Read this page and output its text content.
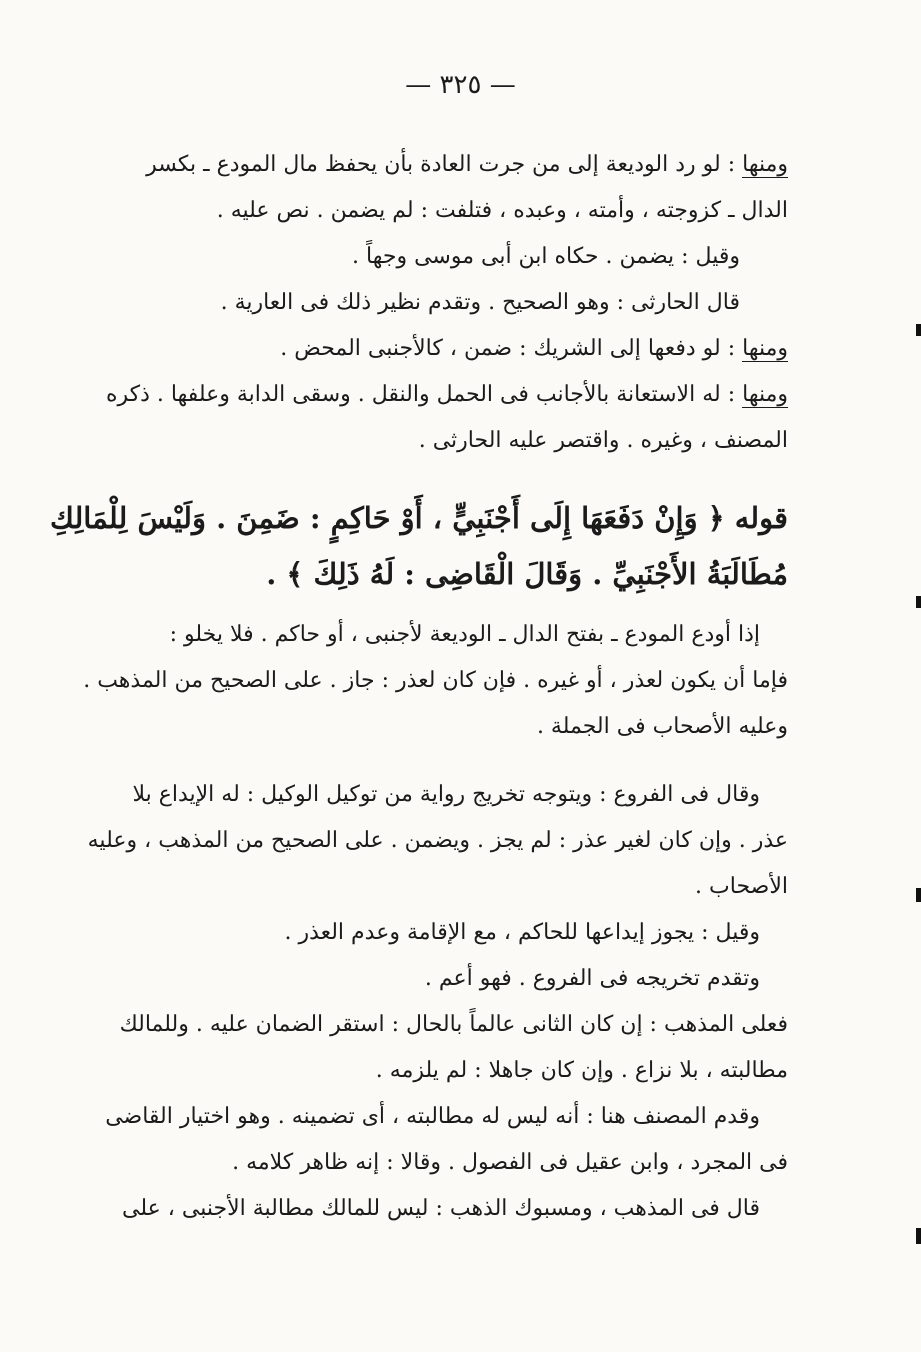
— ٣٢٥ —
ومنها : لو رد الوديعة إلى من جرت العادة بأن يحفظ مال المودع ـ بكسر
الدال ـ كزوجته ، وأمته ، وعبده ، فتلفت : لم يضمن . نص عليه .
وقيل : يضمن . حكاه ابن أبى موسى وجهاً .
قال الحارثى : وهو الصحيح . وتقدم نظير ذلك فى العارية .
ومنها : لو دفعها إلى الشريك : ضمن ، كالأجنبى المحض .
ومنها : له الاستعانة بالأجانب فى الحمل والنقل . وسقى الدابة وعلفها . ذكره
المصنف ، وغيره . واقتصر عليه الحارثى .
قوله ﴿ وَإِنْ دَفَعَهَا إِلَى أَجْنَبِيٍّ ، أَوْ حَاكِمٍ : ضَمِنَ . وَلَيْسَ لِلْمَالِكِ
مُطَالَبَةُ الأَجْنَبِيِّ . وَقَالَ الْقَاضِى : لَهُ ذَلِكَ ﴾ .
إذا أودع المودع ـ بفتح الدال ـ الوديعة لأجنبى ، أو حاكم . فلا يخلو :
فإما أن يكون لعذر ، أو غيره . فإن كان لعذر : جاز . على الصحيح من المذهب .
وعليه الأصحاب فى الجملة .
وقال فى الفروع : ويتوجه تخريج رواية من توكيل الوكيل : له الإيداع بلا
عذر . وإن كان لغير عذر : لم يجز . ويضمن . على الصحيح من المذهب ، وعليه
الأصحاب .
وقيل : يجوز إيداعها للحاكم ، مع الإقامة وعدم العذر .
وتقدم تخريجه فى الفروع . فهو أعم .
فعلى المذهب : إن كان الثانى عالماً بالحال : استقر الضمان عليه . وللمالك
مطالبته ، بلا نزاع . وإن كان جاهلا : لم يلزمه .
وقدم المصنف هنا : أنه ليس له مطالبته ، أى تضمينه . وهو اختيار القاضى
فى المجرد ، وابن عقيل فى الفصول . وقالا : إنه ظاهر كلامه .
قال فى المذهب ، ومسبوك الذهب : ليس للمالك مطالبة الأجنبى ، على
